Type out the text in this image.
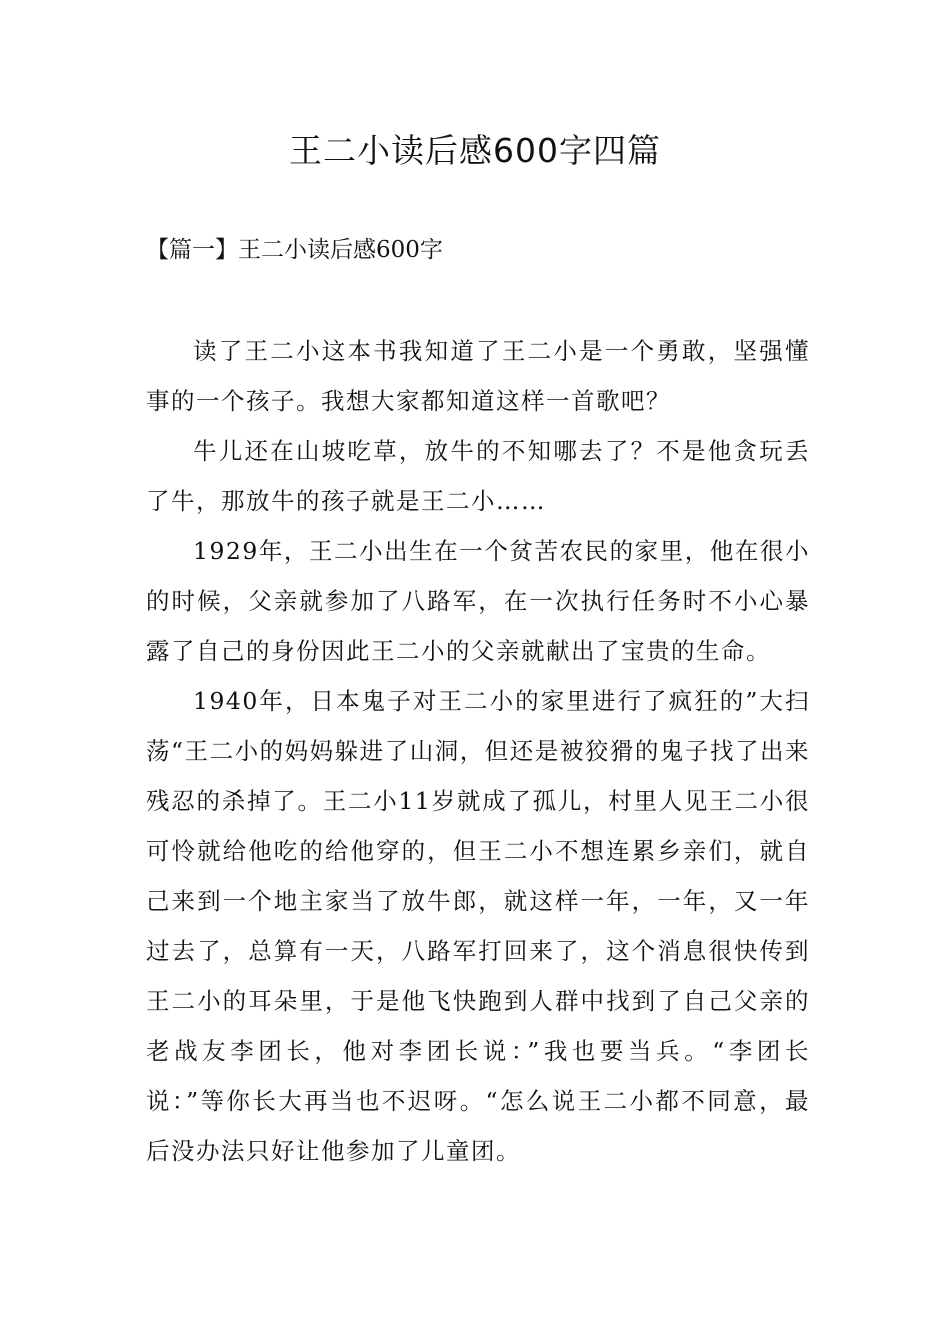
王二小读后感600字四篇
【篇一】王二小读后感600字

读了王二小这本书我知道了王二小是一个勇敢，坚强懂事的一个孩子。我想大家都知道这样一首歌吧？

牛儿还在山坡吃草，放牛的不知哪去了？不是他贪玩丢了牛，那放牛的孩子就是王二小……

1929年，王二小出生在一个贫苦农民的家里，他在很小的时候，父亲就参加了八路军，在一次执行任务时不小心暴露了自己的身份因此王二小的父亲就献出了宝贵的生命。

1940年，日本鬼子对王二小的家里进行了疯狂的”大扫荡“王二小的妈妈躲进了山洞，但还是被狡猾的鬼子找了出来残忍的杀掉了。王二小11岁就成了孤儿，村里人见王二小很可怜就给他吃的给他穿的，但王二小不想连累乡亲们，就自己来到一个地主家当了放牛郎，就这样一年，一年，又一年过去了，总算有一天，八路军打回来了，这个消息很快传到王二小的耳朵里，于是他飞快跑到人群中找到了自己父亲的老战友李团长，他对李团长说：”我也要当兵。“李团长说：”等你长大再当也不迟呀。“怎么说王二小都不同意，最后没办法只好让他参加了儿童团。
